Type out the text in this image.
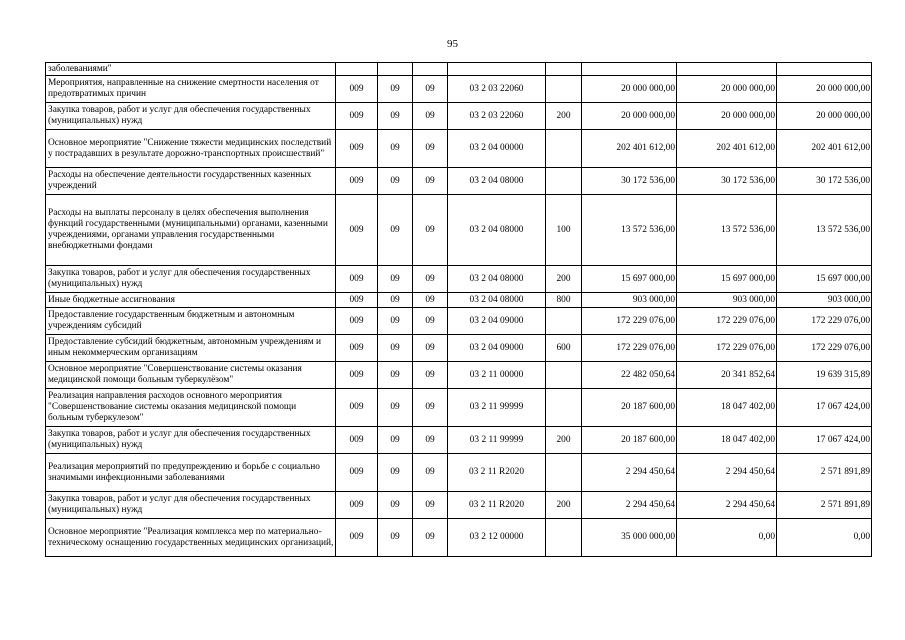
95
заболеваниями"								
Мероприятия, направленные на снижение смертности населения от предотвратимых причин	009	09	09	03 2 03 22060		20 000 000,00	20 000 000,00	20 000 000,00
Закупка товаров, работ и услуг для обеспечения государственных (муниципальных) нужд	009	09	09	03 2 03 22060	200	20 000 000,00	20 000 000,00	20 000 000,00
Основное мероприятие "Снижение тяжести медицинских последствий у пострадавших в результате дорожно-транспортных происшествий"	009	09	09	03 2 04 00000		202 401 612,00	202 401 612,00	202 401 612,00
Расходы на обеспечение деятельности государственных казенных учреждений	009	09	09	03 2 04 08000		30 172 536,00	30 172 536,00	30 172 536,00
Расходы на выплаты персоналу в целях обеспечения выполнения функций государственными (муниципальными) органами, казенными учреждениями, органами управления государственными внебюджетными фондами	009	09	09	03 2 04 08000	100	13 572 536,00	13 572 536,00	13 572 536,00
Закупка товаров, работ и услуг для обеспечения государственных (муниципальных) нужд	009	09	09	03 2 04 08000	200	15 697 000,00	15 697 000,00	15 697 000,00
Иные бюджетные ассигнования	009	09	09	03 2 04 08000	800	903 000,00	903 000,00	903 000,00
Предоставление государственным бюджетным и автономным учреждениям субсидий	009	09	09	03 2 04 09000		172 229 076,00	172 229 076,00	172 229 076,00
Предоставление субсидий бюджетным, автономным учреждениям и иным некоммерческим организациям	009	09	09	03 2 04 09000	600	172 229 076,00	172 229 076,00	172 229 076,00
Основное мероприятие "Совершенствование системы оказания медицинской помощи больным туберкулёзом"	009	09	09	03 2 11 00000		22 482 050,64	20 341 852,64	19 639 315,89
Реализация направления расходов основного мероприятия "Совершенствование системы оказания медицинской помощи больным туберкулезом"	009	09	09	03 2 11 99999		20 187 600,00	18 047 402,00	17 067 424,00
Закупка товаров, работ и услуг для обеспечения государственных (муниципальных) нужд	009	09	09	03 2 11 99999	200	20 187 600,00	18 047 402,00	17 067 424,00
Реализация мероприятий по предупреждению и борьбе с социально значимыми инфекционными заболеваниями	009	09	09	03 2 11 R2020		2 294 450,64	2 294 450,64	2 571 891,89
Закупка товаров, работ и услуг для обеспечения государственных (муниципальных) нужд	009	09	09	03 2 11 R2020	200	2 294 450,64	2 294 450,64	2 571 891,89
Основное мероприятие "Реализация комплекса мер по материально-техническому оснащению государственных медицинских организаций,	009	09	09	03 2 12 00000		35 000 000,00	0,00	0,00
